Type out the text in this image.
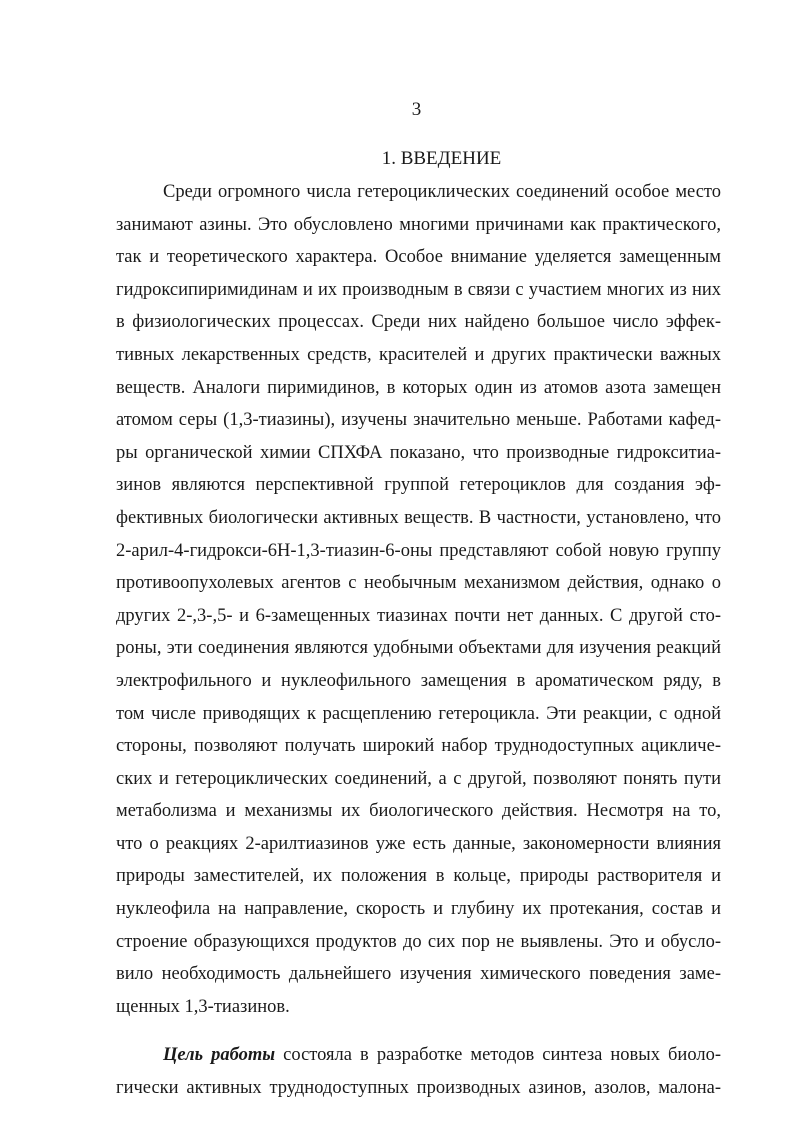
3
1. ВВЕДЕНИЕ
Среди огромного числа гетероциклических соединений особое место
занимают азины. Это обусловлено многими причинами как практического,
так и теоретического характера. Особое внимание уделяется замещенным
гидроксипиримидинам и их производным в связи с участием многих из них
в физиологических процессах. Среди них найдено большое число эффек-
тивных лекарственных средств, красителей и других практически важных
веществ. Аналоги пиримидинов, в которых один из атомов азота замещен
атомом серы (1,3-тиазины), изучены значительно меньше. Работами кафед-
ры органической химии СПХФА показано, что производные гидрокситиа-
зинов являются перспективной группой гетероциклов для создания эф-
фективных биологически активных веществ. В частности, установлено, что
2-арил-4-гидрокси-6Н-1,3-тиазин-6-оны представляют собой новую группу
противоопухолевых агентов с необычным механизмом действия, однако о
других 2-,3-,5- и 6-замещенных тиазинах почти нет данных. С другой сто-
роны, эти соединения являются удобными объектами для изучения реакций
электрофильного и нуклеофильного замещения в ароматическом ряду, в
том числе приводящих к расщеплению гетероцикла. Эти реакции, с одной
стороны, позволяют получать широкий набор труднодоступных ацикличе-
ских и гетероциклических соединений, а с другой, позволяют понять пути
метаболизма и механизмы их биологического действия. Несмотря на то,
что о реакциях 2-арилтиазинов уже есть данные, закономерности влияния
природы заместителей, их положения в кольце, природы растворителя и
нуклеофила на направление, скорость и глубину их протекания, состав и
строение образующихся продуктов до сих пор не выявлены. Это и обусло-
вило необходимость дальнейшего изучения химического поведения заме-
щенных 1,3-тиазинов.
Цель работы состояла в разработке методов синтеза новых биоло-
гически активных труднодоступных производных азинов, азолов, малона-
